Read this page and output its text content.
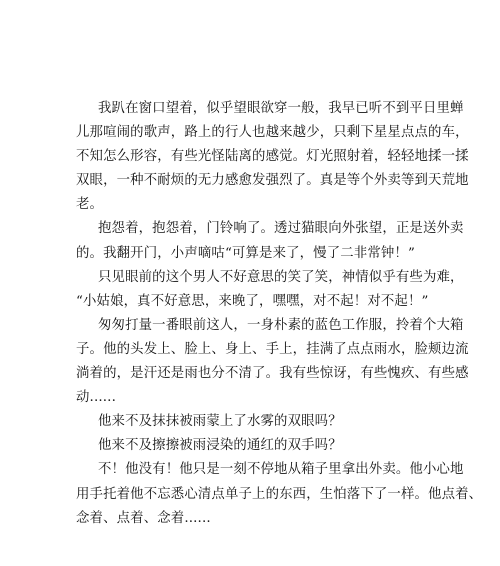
我趴在窗口望着，似乎望眼欲穿一般，我早已听不到平日里蝉
儿那喧闹的歌声，路上的行人也越来越少，只剩下星星点点的车，
不知怎么形容，有些光怪陆离的感觉。灯光照射着，轻轻地揉一揉
双眼，一种不耐烦的无力感愈发强烈了。真是等个外卖等到天荒地
老。
抱怨着，抱怨着，门铃响了。透过猫眼向外张望，正是送外卖
的。我翻开门，小声嘀咕“可算是来了，慢了二非常钟！”
只见眼前的这个男人不好意思的笑了笑，神情似乎有些为难，
“小姑娘，真不好意思，来晚了，嘿嘿，对不起！对不起！”
匆匆打量一番眼前这人，一身朴素的蓝色工作服，拎着个大箱
子。他的头发上、脸上、身上、手上，挂满了点点雨水，脸颊边流
淌着的，是汗还是雨也分不清了。我有些惊讶，有些愧疚、有些感
动......
他来不及抹抹被雨蒙上了水雾的双眼吗？
他来不及擦擦被雨浸染的通红的双手吗？
不！他没有！他只是一刻不停地从箱子里拿出外卖。他小心地
用手托着他不忘悉心清点单子上的东西，生怕落下了一样。他点着、
念着、点着、念着......
